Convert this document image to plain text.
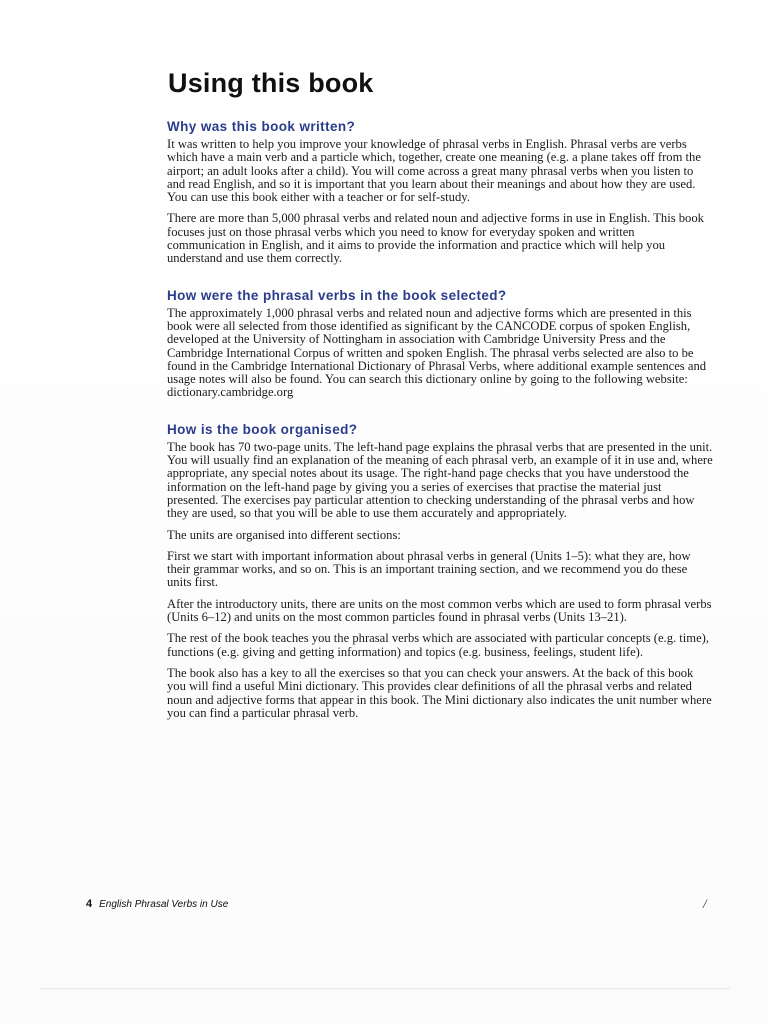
Using this book
Why was this book written?

It was written to help you improve your knowledge of phrasal verbs in English. Phrasal verbs are verbs which have a main verb and a particle which, together, create one meaning (e.g. a plane takes off from the airport; an adult looks after a child). You will come across a great many phrasal verbs when you listen to and read English, and so it is important that you learn about their meanings and about how they are used. You can use this book either with a teacher or for self-study.

There are more than 5,000 phrasal verbs and related noun and adjective forms in use in English. This book focuses just on those phrasal verbs which you need to know for everyday spoken and written communication in English, and it aims to provide the information and practice which will help you understand and use them correctly.

How were the phrasal verbs in the book selected?

The approximately 1,000 phrasal verbs and related noun and adjective forms which are presented in this book were all selected from those identified as significant by the CANCODE corpus of spoken English, developed at the University of Nottingham in association with Cambridge University Press and the Cambridge International Corpus of written and spoken English. The phrasal verbs selected are also to be found in the Cambridge International Dictionary of Phrasal Verbs, where additional example sentences and usage notes will also be found. You can search this dictionary online by going to the following website: dictionary.cambridge.org

How is the book organised?

The book has 70 two-page units. The left-hand page explains the phrasal verbs that are presented in the unit. You will usually find an explanation of the meaning of each phrasal verb, an example of it in use and, where appropriate, any special notes about its usage. The right-hand page checks that you have understood the information on the left-hand page by giving you a series of exercises that practise the material just presented. The exercises pay particular attention to checking understanding of the phrasal verbs and how they are used, so that you will be able to use them accurately and appropriately.

The units are organised into different sections:

First we start with important information about phrasal verbs in general (Units 1–5): what they are, how their grammar works, and so on. This is an important training section, and we recommend you do these units first.

After the introductory units, there are units on the most common verbs which are used to form phrasal verbs (Units 6–12) and units on the most common particles found in phrasal verbs (Units 13–21).

The rest of the book teaches you the phrasal verbs which are associated with particular concepts (e.g. time), functions (e.g. giving and getting information) and topics (e.g. business, feelings, student life).

The book also has a key to all the exercises so that you can check your answers. At the back of this book you will find a useful Mini dictionary. This provides clear definitions of all the phrasal verbs and related noun and adjective forms that appear in this book. The Mini dictionary also indicates the unit number where you can find a particular phrasal verb.

4 English Phrasal Verbs in Use	/
